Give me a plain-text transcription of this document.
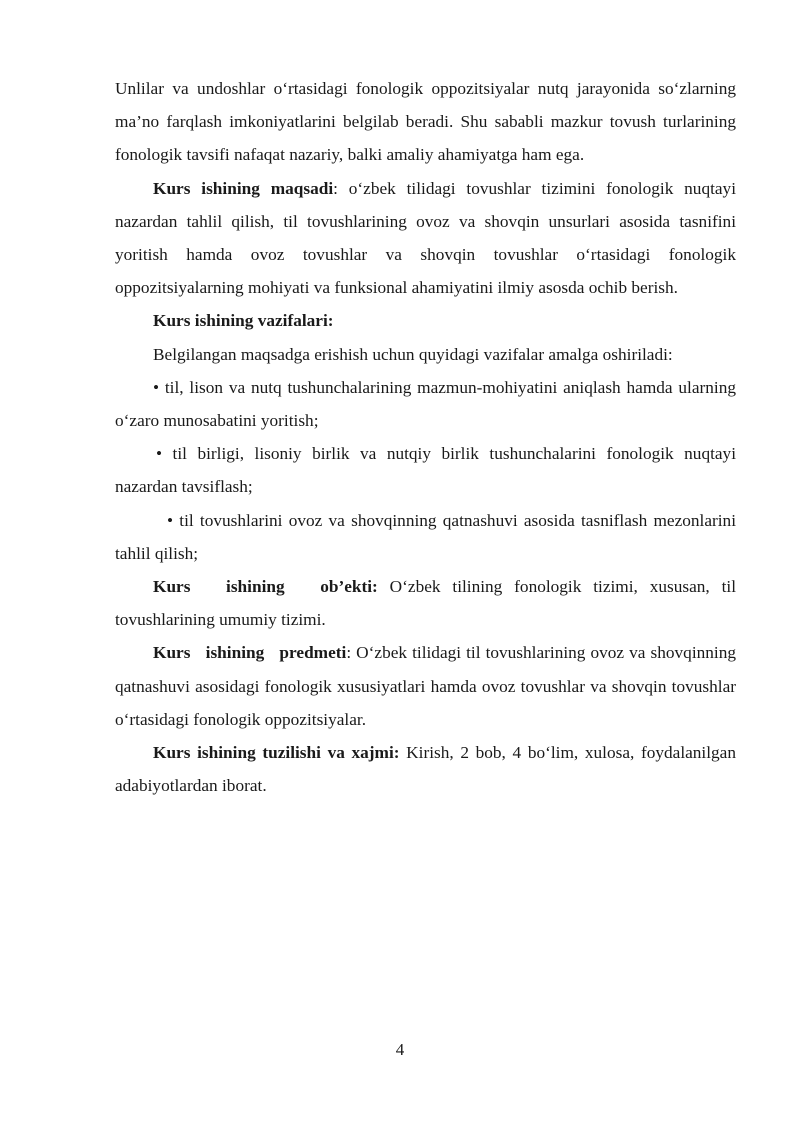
Unlilar va undoshlar o‘rtasidagi fonologik oppozitsiyalar nutq jarayonida so‘zlarning ma’no farqlash imkoniyatlarini belgilab beradi. Shu sababli mazkur tovush turlarining fonologik tavsifi nafaqat nazariy, balki amaliy ahamiyatga ham ega.

Kurs ishining maqsadi: o‘zbek tilidagi tovushlar tizimini fonologik nuqtayi nazardan tahlil qilish, til tovushlarining ovoz va shovqin unsurlari asosida tasnifini yoritish hamda ovoz tovushlar va shovqin tovushlar o‘rtasidagi fonologik oppozitsiyalarning mohiyati va funksional ahamiyatini ilmiy asosda ochib berish.

Kurs ishining vazifalari:

Belgilangan maqsadga erishish uchun quyidagi vazifalar amalga oshiriladi:

• til, lison va nutq tushunchalarining mazmun-mohiyatini aniqlash hamda ularning o‘zaro munosabatini yoritish;

• til birligi, lisoniy birlik va nutqiy birlik tushunchalarini fonologik nuqtayi nazardan tavsiflash;

• til tovushlarini ovoz va shovqinning qatnashuvi asosida tasniflash mezonlarini tahlil qilish;

Kurs   ishining   ob’ekti: O‘zbek tilining fonologik tizimi, xususan, til tovushlarining umumiy tizimi.

Kurs   ishining   predmeti: O‘zbek tilidagi til tovushlarining ovoz va shovqinning qatnashuvi asosidagi fonologik xususiyatlari hamda ovoz tovushlar va shovqin tovushlar o‘rtasidagi fonologik oppozitsiyalar.

Kurs ishining tuzilishi va xajmi: Kirish, 2 bob, 4 bo‘lim, xulosa, foydalanilgan adabiyotlardan iborat.

4
